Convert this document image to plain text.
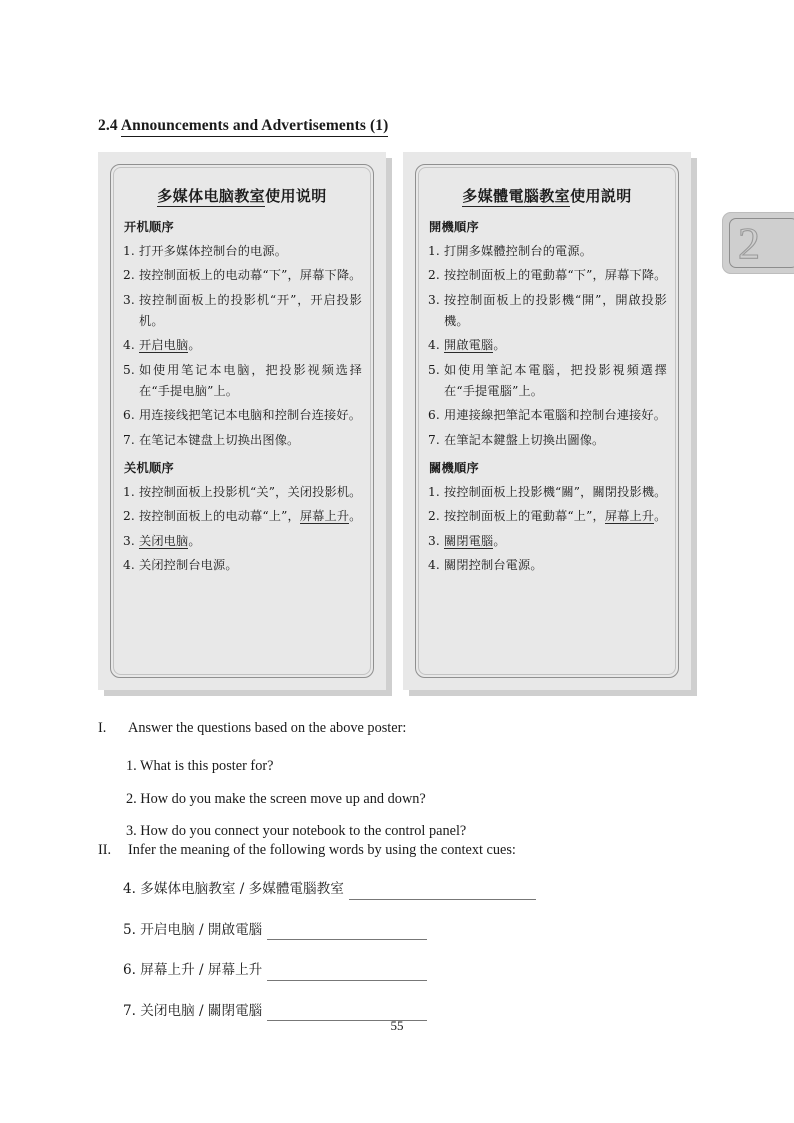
2.4 Announcements and Advertisements (1)
2
多媒体电脑教室使用说明
开机顺序
1. 打开多媒体控制台的电源。
2. 按控制面板上的电动幕“下”，屏幕下降。
3. 按控制面板上的投影机“开”，开启投影机。
4. 开启电脑。
5. 如使用笔记本电脑，把投影视频选择在“手提电脑”上。
6. 用连接线把笔记本电脑和控制台连接好。
7. 在笔记本键盘上切换出图像。
关机顺序
1. 按控制面板上投影机“关”，关闭投影机。
2. 按控制面板上的电动幕“上”，屏幕上升。
3. 关闭电脑。
4. 关闭控制台电源。
多媒體電腦教室使用説明
開機順序
1. 打開多媒體控制台的電源。
2. 按控制面板上的電動幕“下”，屏幕下降。
3. 按控制面板上的投影機“開”，開啟投影機。
4. 開啟電腦。
5. 如使用筆記本電腦，把投影視頻選擇在“手提電腦”上。
6. 用連接線把筆記本電腦和控制台連接好。
7. 在筆記本鍵盤上切換出圖像。
關機順序
1. 按控制面板上投影機“關”，關閉投影機。
2. 按控制面板上的電動幕“上”，屏幕上升。
3. 關閉電腦。
4. 關閉控制台電源。
I. Answer the questions based on the above poster:
1. What is this poster for?
2. How do you make the screen move up and down?
3. How do you connect your notebook to the control panel?
II. Infer the meaning of the following words by using the context cues:
4. 多媒体电脑教室 / 多媒體電腦教室
5. 开启电脑 / 開啟電腦
6. 屏幕上升 / 屏幕上升
7. 关闭电脑 / 關閉電腦
55
